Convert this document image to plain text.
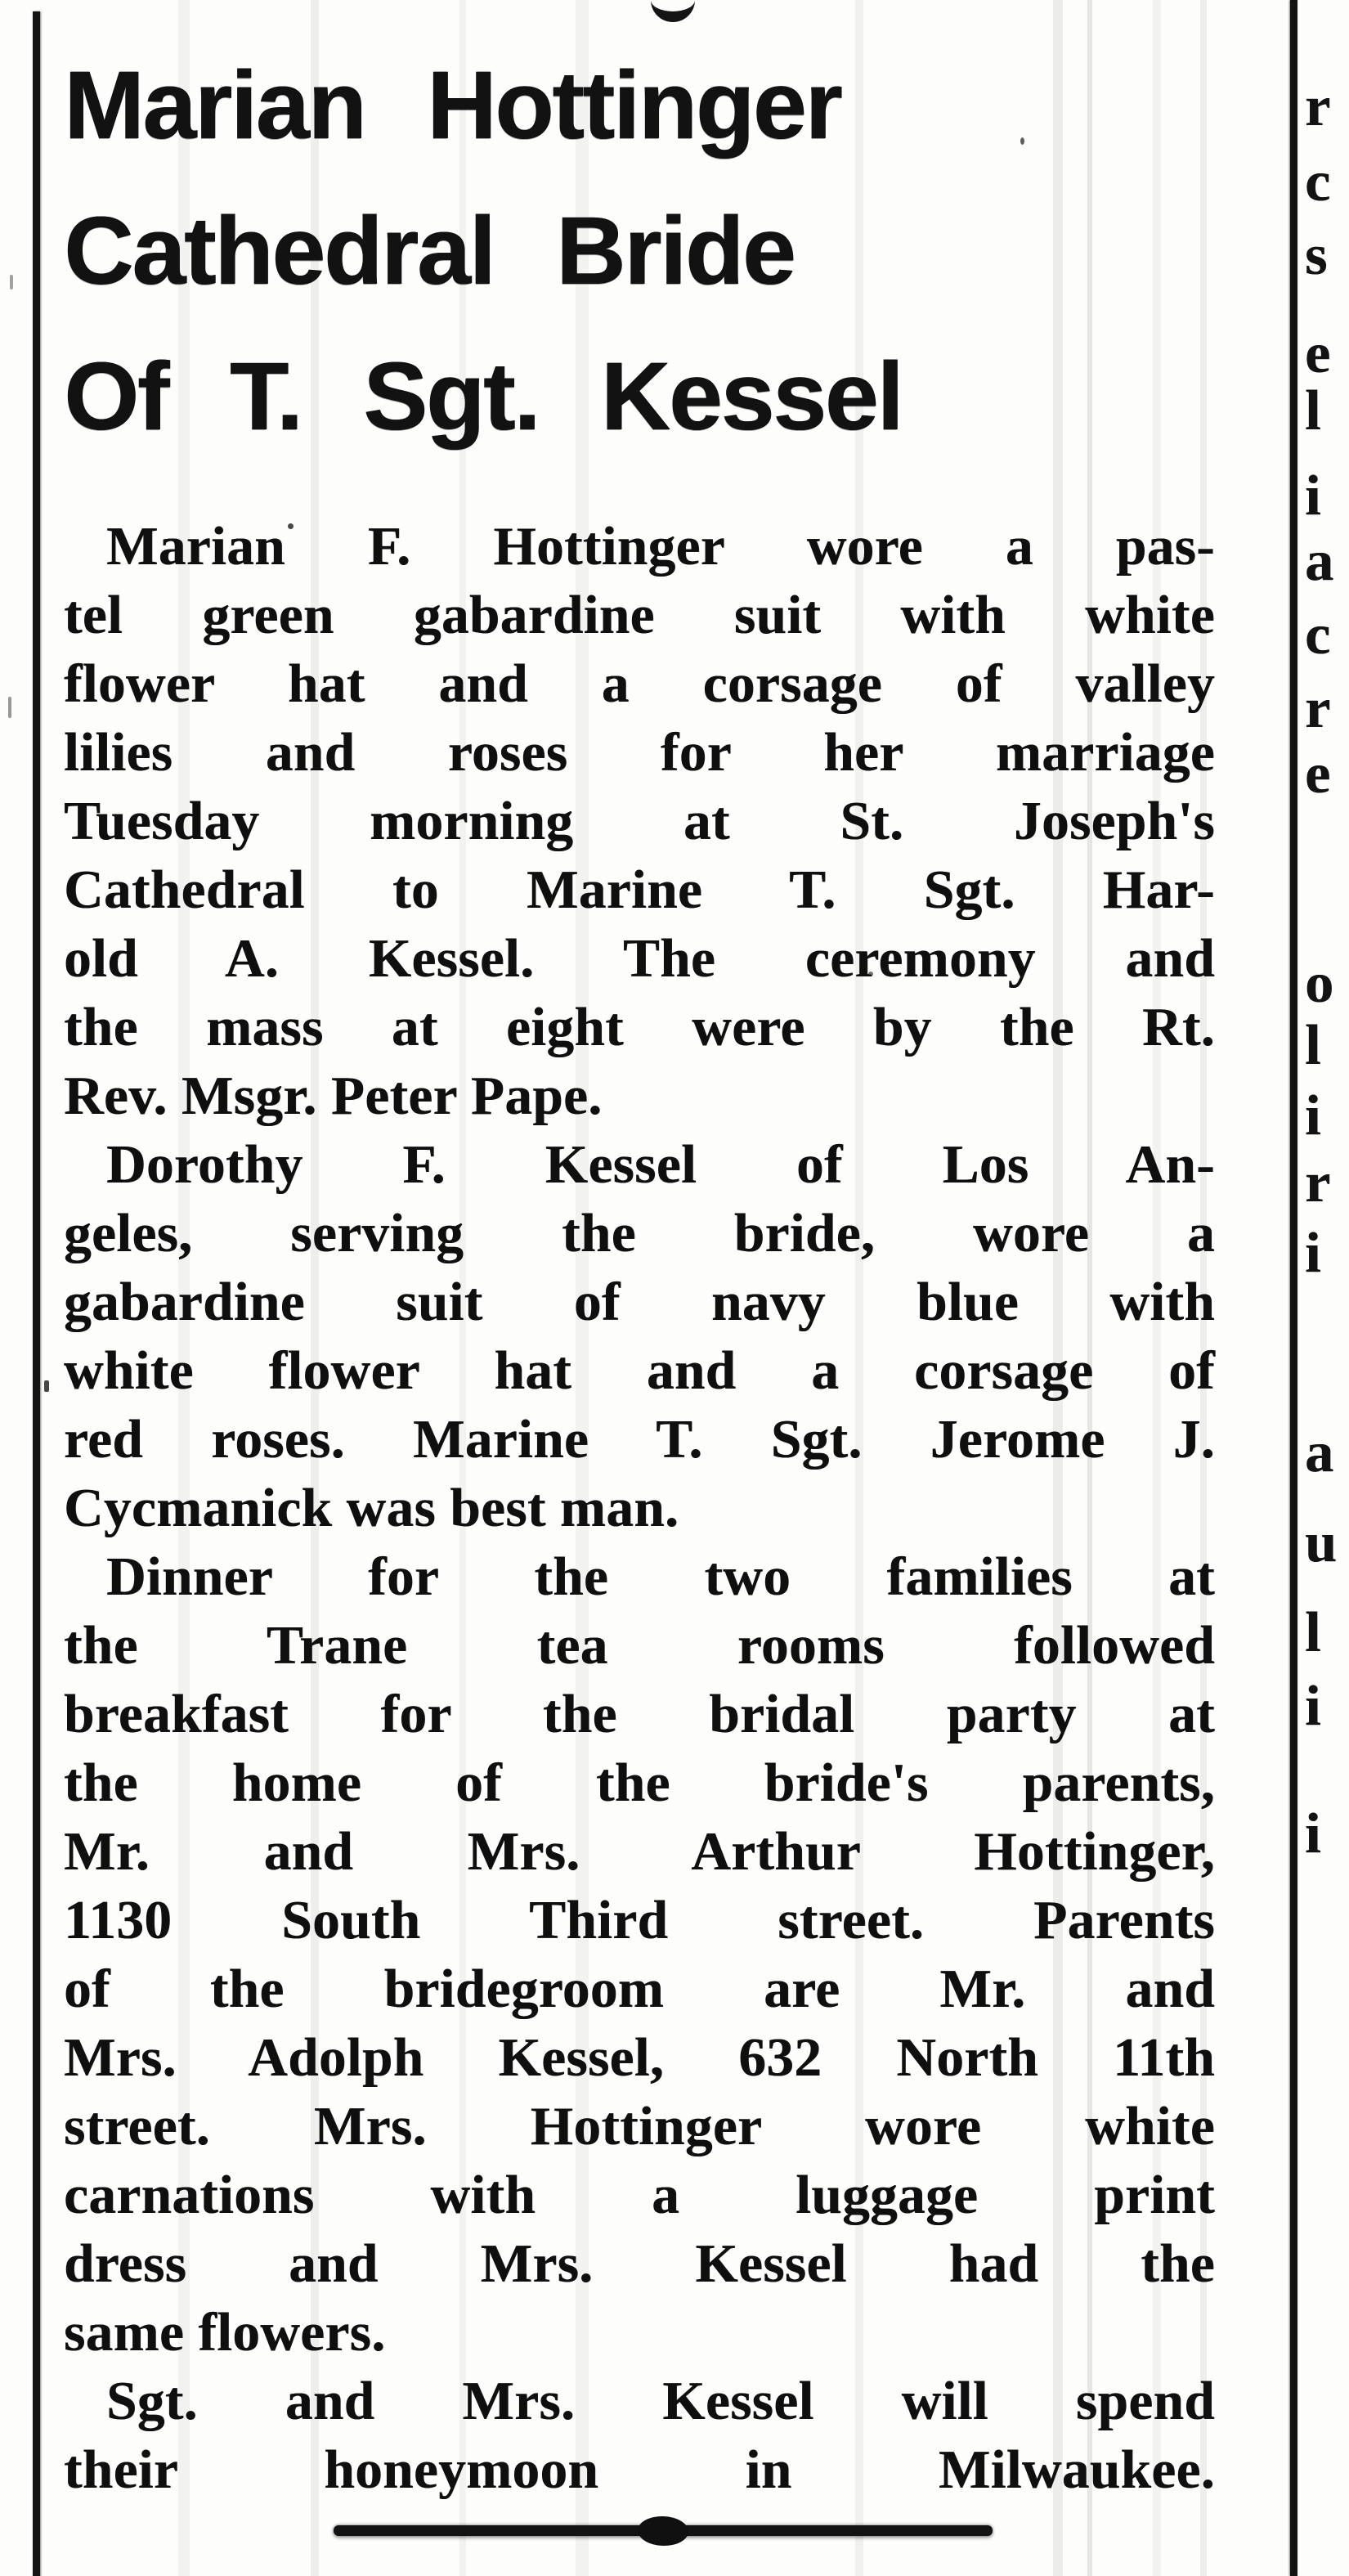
Marian Hottinger
Cathedral Bride
Of T. Sgt. Kessel
Marian F. Hottinger wore a pas-
tel green gabardine suit with white
flower hat and a corsage of valley
lilies and roses for her marriage
Tuesday morning at St. Joseph's
Cathedral to Marine T. Sgt. Har-
old A. Kessel. The ceremony and
the mass at eight were by the Rt.
Rev. Msgr. Peter Pape.
Dorothy F. Kessel of Los An-
geles, serving the bride, wore a
gabardine suit of navy blue with
white flower hat and a corsage of
red roses. Marine T. Sgt. Jerome J.
Cycmanick was best man.
Dinner for the two families at
the Trane tea rooms followed
breakfast for the bridal party at
the home of the bride's parents,
Mr. and Mrs. Arthur Hottinger,
1130 South Third street. Parents
of the bridegroom are Mr. and
Mrs. Adolph Kessel, 632 North 11th
street. Mrs. Hottinger wore white
carnations with a luggage print
dress and Mrs. Kessel had the
same flowers.
Sgt. and Mrs. Kessel will spend
their honeymoon in Milwaukee.
r
c
s
e
l
i
a
c
r
e
o
l
i
r
i
a
u
l
i
i
